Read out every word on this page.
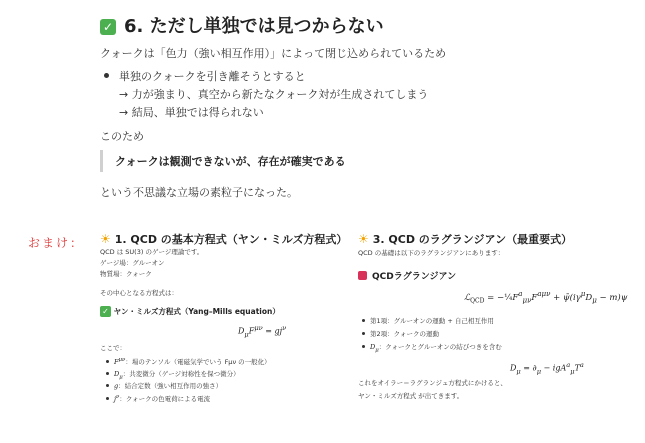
✓ 6. ただし単独では見つからない
クォークは「色力（強い相互作用）」によって閉じ込められているため
単独のクォークを引き離そうとすると
→ 力が強まり、真空から新たなクォーク対が生成されてしまう
→ 結局、単独では得られない
このため
クォークは観測できないが、存在が確実である
という不思議な立場の素粒子になった。
おまけ： ☀ 1. QCD の基本方程式（ヤン・ミルズ方程式）
QCD は SU(3) のゲージ理論です。
ゲージ場：グルーオン
物質場：クォーク
その中心となる方程式は：
✓ ヤン・ミルズ方程式（Yang–Mills equation）
$D_\mu F^{\mu\nu} = gj^\nu$
ここで：
$F^{\mu\nu}$：場のテンソル（電磁気学でいう Fμν の一般化）
$D_\mu$：共変微分（ゲージ対称性を保つ微分）
g：結合定数（強い相互作用の強さ）
$j^\nu$：クォークの色電荷による電流
☀ 3. QCD のラグランジアン（最重要式）
QCD の基礎は以下のラグランジアンにあります：
QCDラグランジアン
ℒ$_{QCD}$ = $-\frac{1}{4}F^a_{\mu\nu}F^{a\mu\nu}$ + $\psī(i\gamma^\mu D_\mu - m)\psi$
第1項：グルーオンの運動 + 自己相互作用
第2項：クォークの運動
$D_\mu$：クォークとグルーオンの結びつきを含む
$D_\mu = \partial_\mu - igA^a_\mu T^a$
これをオイラー＝ラグランジュ方程式にかけると、
ヤン・ミルズ方程式 が出てきます。
